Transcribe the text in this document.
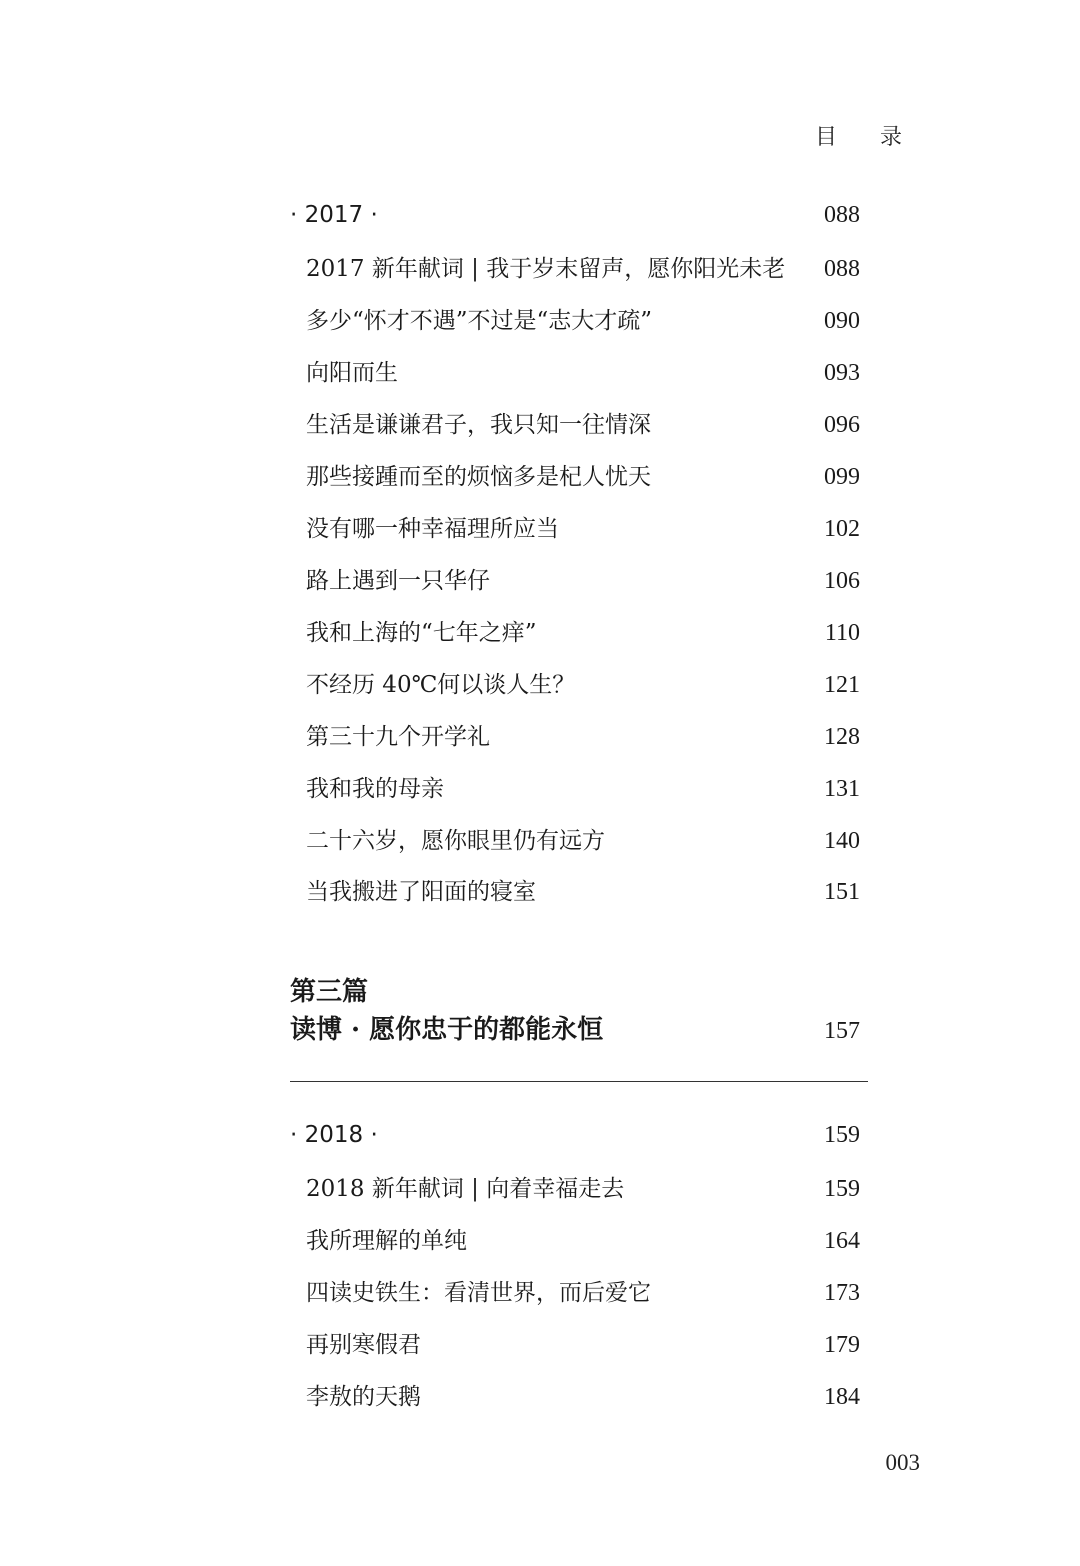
目 录
· 2017 ·	088
2017 新年献词 | 我于岁末留声，愿你阳光未老 088
多少“怀才不遇”不过是“志大才疏”	090
向阳而生	093
生活是谦谦君子，我只知一往情深	096
那些接踵而至的烦恼多是杞人忧天	099
没有哪一种幸福理所应当	102
路上遇到一只华仔	106
我和上海的“七年之痒”	110
不经历 40℃何以谈人生？	121
第三十九个开学礼	128
我和我的母亲	131
二十六岁，愿你眼里仍有远方	140
当我搬进了阳面的寝室	151
第三篇
读博 · 愿你忠于的都能永恒	157
· 2018 ·	159
2018 新年献词 | 向着幸福走去	159
我所理解的单纯	164
四读史铁生：看清世界，而后爱它	173
再别寒假君	179
李敖的天鹅	184
003
